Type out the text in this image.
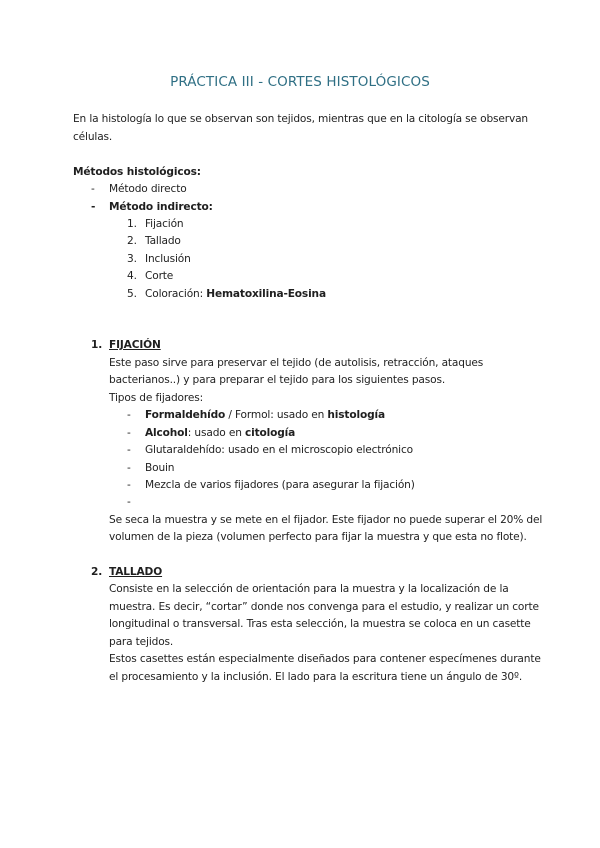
PRÁCTICA III - CORTES HISTOLÓGICOS
En la histología lo que se observan son tejidos, mientras que en la citología se observan
células.
Métodos histológicos:
- Método directo
- Método indirecto:
1. Fijación
2. Tallado
3. Inclusión
4. Corte
5. Coloración: Hematoxilina-Eosina
1. FIJACIÓN
Este paso sirve para preservar el tejido (de autolisis, retracción, ataques
bacterianos..) y para preparar el tejido para los siguientes pasos.
Tipos de fijadores:
- Formaldehído / Formol: usado en histología
- Alcohol: usado en citología
- Glutaraldehído: usado en el microscopio electrónico
- Bouin
- Mezcla de varios fijadores (para asegurar la fijación)
-
Se seca la muestra y se mete en el fijador. Este fijador no puede superar el 20% del
volumen de la pieza (volumen perfecto para fijar la muestra y que esta no flote).
2. TALLADO
Consiste en la selección de orientación para la muestra y la localización de la
muestra. Es decir, “cortar” donde nos convenga para el estudio, y realizar un corte
longitudinal o transversal. Tras esta selección, la muestra se coloca en un casette
para tejidos.
Estos casettes están especialmente diseñados para contener especímenes durante
el procesamiento y la inclusión. El lado para la escritura tiene un ángulo de 30º.
